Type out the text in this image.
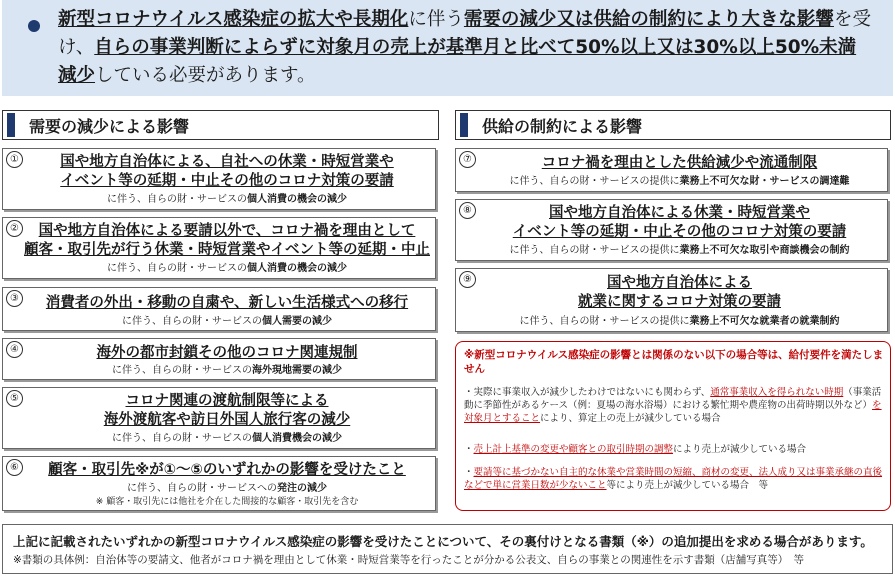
新型コロナウイルス感染症の拡大や長期化に伴う需要の減少又は供給の制約により大きな影響を受け、自らの事業判断によらずに対象月の売上が基準月と比べて50%以上又は30%以上50%未満減少している必要があります。
需要の減少による影響	供給の制約による影響
①	国や地方自治体による、自社への休業・時短営業や
イベント等の延期・中止その他のコロナ対策の要請
に伴う、自らの財・サービスの個人消費の機会の減少
②	国や地方自治体による要請以外で、コロナ禍を理由として
顧客・取引先が行う休業・時短営業やイベント等の延期・中止
に伴う、自らの財・サービスの個人消費の機会の減少
③	消費者の外出・移動の自粛や、新しい生活様式への移行
に伴う、自らの財・サービスの個人需要の減少
④	海外の都市封鎖その他のコロナ関連規制
に伴う、自らの財・サービスの海外現地需要の減少
⑤	コロナ関連の渡航制限等による
海外渡航客や訪日外国人旅行客の減少
に伴う、自らの財・サービスの個人消費機会の減少
⑥	顧客・取引先※が①～⑤のいずれかの影響を受けたこと
に伴う、自らの財・サービスへの発注の減少
※ 顧客・取引先には他社を介在した間接的な顧客・取引先を含む
⑦	コロナ禍を理由とした供給減少や流通制限
に伴う、自らの財・サービスの提供に業務上不可欠な財・サービスの調達難
⑧	国や地方自治体による休業・時短営業や
イベント等の延期・中止その他のコロナ対策の要請
に伴う、自らの財・サービスの提供に業務上不可欠な取引や商談機会の制約
⑨	国や地方自治体による
就業に関するコロナ対策の要請
に伴う、自らの財・サービスの提供に業務上不可欠な就業者の就業制約
※新型コロナウイルス感染症の影響とは関係のない以下の場合等は、給付要件を満たしません
・実際に事業収入が減少したわけではないにも関わらず、通常事業収入を得られない時期（事業活動に季節性があるケース（例：夏場の海水浴場）における繁忙期や農産物の出荷時期以外など）を対象月とすることにより、算定上の売上が減少している場合
・売上計上基準の変更や顧客との取引時期の調整により売上が減少している場合
・要請等に基づかない自主的な休業や営業時間の短縮、商材の変更、法人成り又は事業承継の直後などで単に営業日数が少ないこと等により売上が減少している場合　 等
上記に記載されたいずれかの新型コロナウイルス感染症の影響を受けたことについて、その裏付けとなる書類（※）の追加提出を求める場合があります。
※書類の具体例：自治体等の要請文、他者がコロナ禍を理由として休業・時短営業等を行ったことが分かる公表文、自らの事業との関連性を示す書類（店舗写真等）　等
